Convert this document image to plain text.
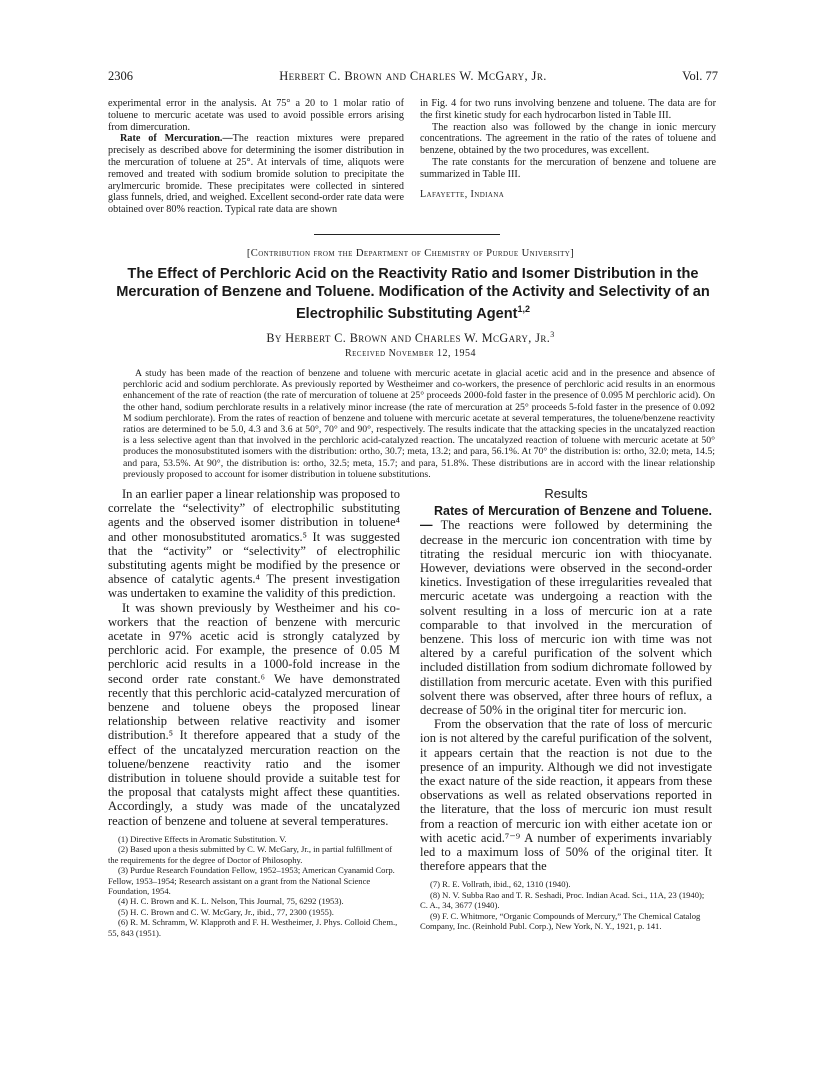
2306	Herbert C. Brown and Charles W. McGary, Jr.	Vol. 77

experimental error in the analysis. At 75° a 20 to 1 molar ratio of toluene to mercuric acetate was used to avoid possible errors arising from dimercuration.

Rate of Mercuration.—The reaction mixtures were prepared precisely as described above for determining the isomer distribution in the mercuration of toluene at 25°. At intervals of time, aliquots were removed and treated with sodium bromide solution to precipitate the arylmercuric bromide. These precipitates were collected in sintered glass funnels, dried, and weighed. Excellent second-order rate data were obtained over 80% reaction. Typical rate data are shown

in Fig. 4 for two runs involving benzene and toluene. The data are for the first kinetic study for each hydrocarbon listed in Table III.

The reaction also was followed by the change in ionic mercury concentrations. The agreement in the ratio of the rates of toluene and benzene, obtained by the two procedures, was excellent.

The rate constants for the mercuration of benzene and toluene are summarized in Table III.

Lafayette, Indiana
[Contribution from the Department of Chemistry of Purdue University]
The Effect of Perchloric Acid on the Reactivity Ratio and Isomer Distribution in the
Mercuration of Benzene and Toluene. Modification of the Activity and Selectivity of an
Electrophilic Substituting Agent$^{1,2}$
By Herbert C. Brown and Charles W. McGary, Jr.$^3$
Received November 12, 1954

A study has been made of the reaction of benzene and toluene with mercuric acetate in glacial acetic acid and in the presence and absence of perchloric acid and sodium perchlorate. As previously reported by Westheimer and co-workers, the presence of perchloric acid results in an enormous enhancement of the rate of reaction (the rate of mercuration of toluene at 25° proceeds 2000-fold faster in the presence of 0.095 M perchloric acid). On the other hand, sodium perchlorate results in a relatively minor increase (the rate of mercuration at 25° proceeds 5-fold faster in the presence of 0.092 M sodium perchlorate). From the rates of reaction of benzene and toluene with mercuric acetate at several temperatures, the toluene/benzene reactivity ratios are determined to be 5.0, 4.3 and 3.6 at 50°, 70° and 90°, respectively. The results indicate that the attacking species in the uncatalyzed reaction is a less selective agent than that involved in the perchloric acid-catalyzed reaction. The uncatalyzed reaction of toluene with mercuric acetate at 50° produces the monosubstituted isomers with the distribution: ortho, 30.7; meta, 13.2; and para, 56.1%. At 70° the distribution is: ortho, 32.0; meta, 14.5; and para, 53.5%. At 90°, the distribution is: ortho, 32.5; meta, 15.7; and para, 51.8%. These distributions are in accord with the linear relationship previously proposed to account for isomer distribution in toluene substitutions.

In an earlier paper a linear relationship was proposed to correlate the “selectivity” of electrophilic substituting agents and the observed isomer distribution in toluene⁴ and other monosubstituted aromatics.⁵ It was suggested that the “activity” or “selectivity” of electrophilic substituting agents might be modified by the presence or absence of catalytic agents.⁴ The present investigation was undertaken to examine the validity of this prediction.

It was shown previously by Westheimer and his co-workers that the reaction of benzene with mercuric acetate in 97% acetic acid is strongly catalyzed by perchloric acid. For example, the presence of 0.05 M perchloric acid results in a 1000-fold increase in the second order rate constant.⁶ We have demonstrated recently that this perchloric acid-catalyzed mercuration of benzene and toluene obeys the proposed linear relationship between relative reactivity and isomer distribution.⁵ It therefore appeared that a study of the effect of the uncatalyzed mercuration reaction on the toluene/benzene reactivity ratio and the isomer distribution in toluene should provide a suitable test for the proposal that catalysts might affect these quantities. Accordingly, a study was made of the uncatalyzed reaction of benzene and toluene at several temperatures.

(1) Directive Effects in Aromatic Substitution. V.
(2) Based upon a thesis submitted by C. W. McGary, Jr., in partial fulfillment of the requirements for the degree of Doctor of Philosophy.
(3) Purdue Research Foundation Fellow, 1952–1953; American Cyanamid Corp. Fellow, 1953–1954; Research assistant on a grant from the National Science Foundation, 1954.
(4) H. C. Brown and K. L. Nelson, This Journal, 75, 6292 (1953).
(5) H. C. Brown and C. W. McGary, Jr., ibid., 77, 2300 (1955).
(6) R. M. Schramm, W. Klapproth and F. H. Westheimer, J. Phys. Colloid Chem., 55, 843 (1951).

Results

Rates of Mercuration of Benzene and Toluene.— The reactions were followed by determining the decrease in the mercuric ion concentration with time by titrating the residual mercuric ion with thiocyanate. However, deviations were observed in the second-order kinetics. Investigation of these irregularities revealed that mercuric acetate was undergoing a reaction with the solvent resulting in a loss of mercuric ion at a rate comparable to that involved in the mercuration of benzene. This loss of mercuric ion with time was not altered by a careful purification of the solvent which included distillation from sodium dichromate followed by distillation from mercuric acetate. Even with this purified solvent there was observed, after three hours of reflux, a decrease of 50% in the original titer for mercuric ion.

From the observation that the rate of loss of mercuric ion is not altered by the careful purification of the solvent, it appears certain that the reaction is not due to the presence of an impurity. Although we did not investigate the exact nature of the side reaction, it appears from these observations as well as related observations reported in the literature, that the loss of mercuric ion must result from a reaction of mercuric ion with either acetate ion or with acetic acid.⁷⁻⁹ A number of experiments invariably led to a maximum loss of 50% of the original titer. It therefore appears that the

(7) R. E. Vollrath, ibid., 62, 1310 (1940).
(8) N. V. Subba Rao and T. R. Seshadi, Proc. Indian Acad. Sci., 11A, 23 (1940); C. A., 34, 3677 (1940).
(9) F. C. Whitmore, “Organic Compounds of Mercury,” The Chemical Catalog Company, Inc. (Reinhold Publ. Corp.), New York, N. Y., 1921, p. 141.
